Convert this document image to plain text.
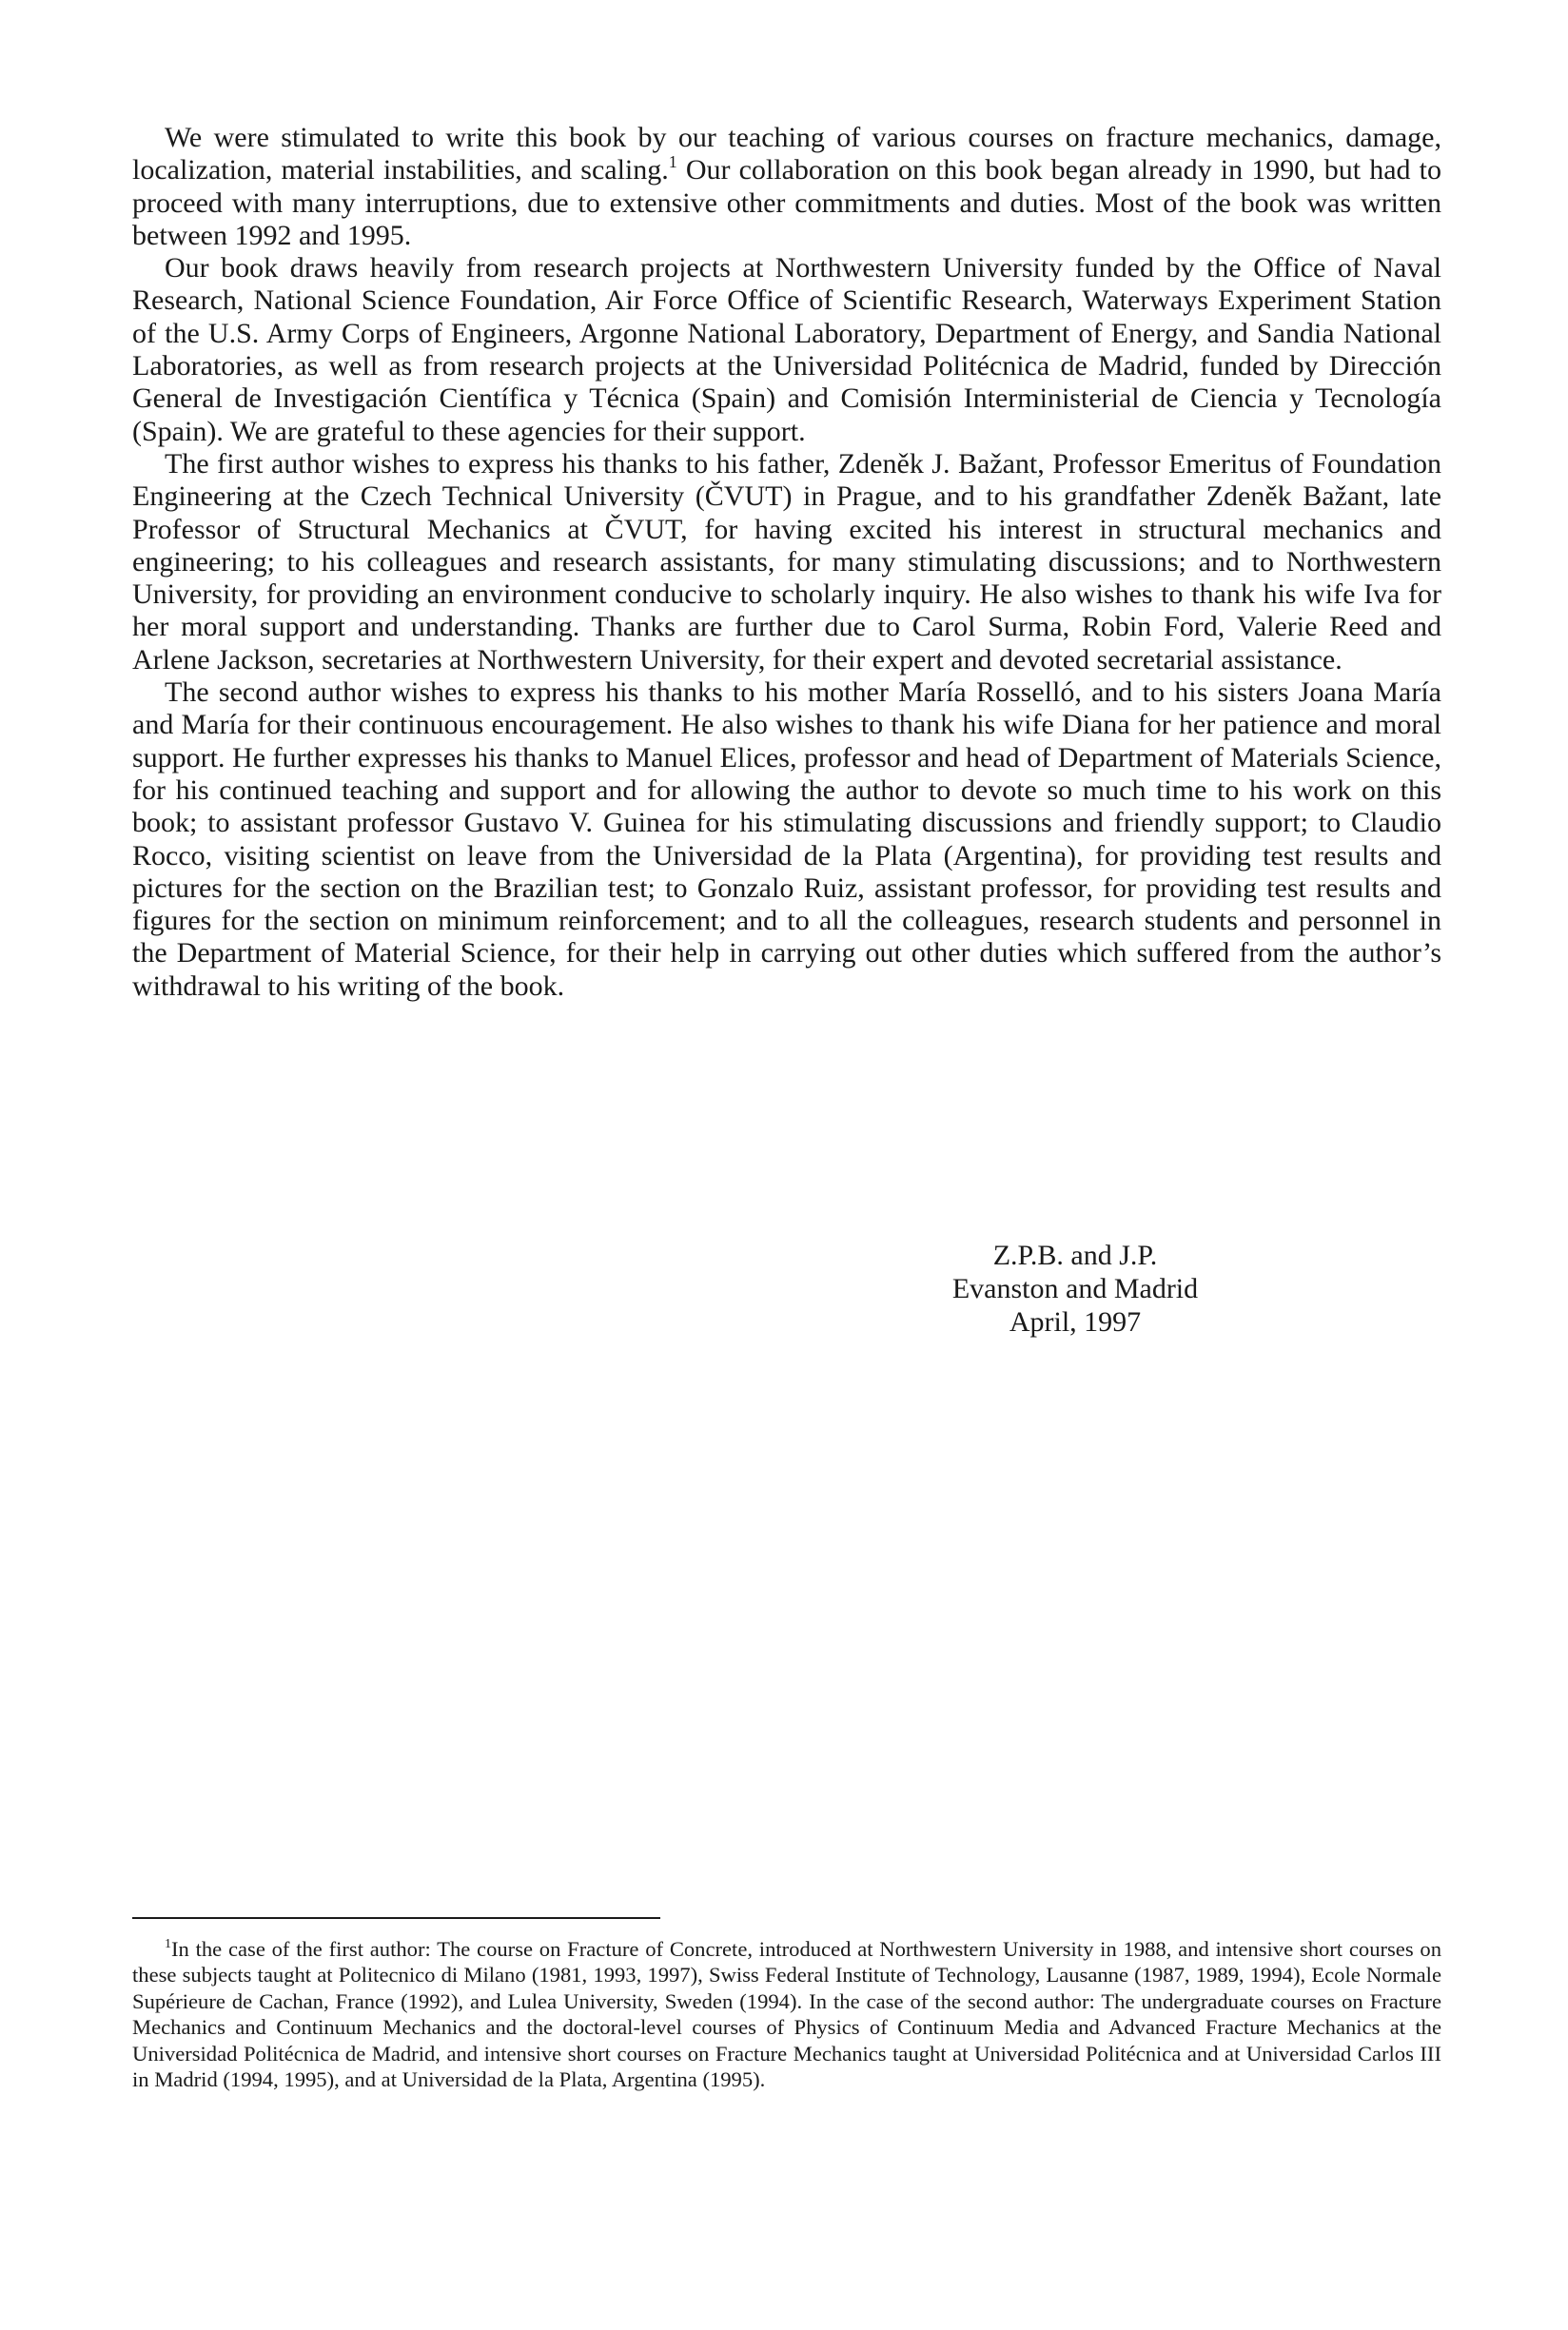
We were stimulated to write this book by our teaching of various courses on fracture mechanics, damage, localization, material instabilities, and scaling.$^1$ Our collaboration on this book began already in 1990, but had to proceed with many interruptions, due to extensive other commitments and duties. Most of the book was written between 1992 and 1995.

Our book draws heavily from research projects at Northwestern University funded by the Office of Naval Research, National Science Foundation, Air Force Office of Scientific Research, Waterways Experiment Station of the U.S. Army Corps of Engineers, Argonne National Laboratory, Department of Energy, and Sandia National Laboratories, as well as from research projects at the Universidad Politécnica de Madrid, funded by Dirección General de Investigación Científica y Técnica (Spain) and Comisión Interministerial de Ciencia y Tecnología (Spain). We are grateful to these agencies for their support.

The first author wishes to express his thanks to his father, Zdeněk J. Bažant, Professor Emeritus of Foundation Engineering at the Czech Technical University (ČVUT) in Prague, and to his grandfather Zdeněk Bažant, late Professor of Structural Mechanics at ČVUT, for having excited his interest in structural mechanics and engineering; to his colleagues and research assistants, for many stimulating discussions; and to Northwestern University, for providing an environment conducive to scholarly inquiry. He also wishes to thank his wife Iva for her moral support and understanding. Thanks are further due to Carol Surma, Robin Ford, Valerie Reed and Arlene Jackson, secretaries at Northwestern University, for their expert and devoted secretarial assistance.

The second author wishes to express his thanks to his mother María Rosselló, and to his sisters Joana María and María for their continuous encouragement. He also wishes to thank his wife Diana for her patience and moral support. He further expresses his thanks to Manuel Elices, professor and head of Department of Materials Science, for his continued teaching and support and for allowing the author to devote so much time to his work on this book; to assistant professor Gustavo V. Guinea for his stimulating discussions and friendly support; to Claudio Rocco, visiting scientist on leave from the Universidad de la Plata (Argentina), for providing test results and pictures for the section on the Brazilian test; to Gonzalo Ruiz, assistant professor, for providing test results and figures for the section on minimum reinforcement; and to all the colleagues, research students and personnel in the Department of Material Science, for their help in carrying out other duties which suffered from the author’s withdrawal to his writing of the book.

Z.P.B. and J.P.
Evanston and Madrid
April, 1997

$^1$In the case of the first author: The course on Fracture of Concrete, introduced at Northwestern University in 1988, and intensive short courses on these subjects taught at Politecnico di Milano (1981, 1993, 1997), Swiss Federal Institute of Technology, Lausanne (1987, 1989, 1994), Ecole Normale Supérieure de Cachan, France (1992), and Lulea University, Sweden (1994). In the case of the second author: The undergraduate courses on Fracture Mechanics and Continuum Mechanics and the doctoral-level courses of Physics of Continuum Media and Advanced Fracture Mechanics at the Universidad Politécnica de Madrid, and intensive short courses on Fracture Mechanics taught at Universidad Politécnica and at Universidad Carlos III in Madrid (1994, 1995), and at Universidad de la Plata, Argentina (1995).
